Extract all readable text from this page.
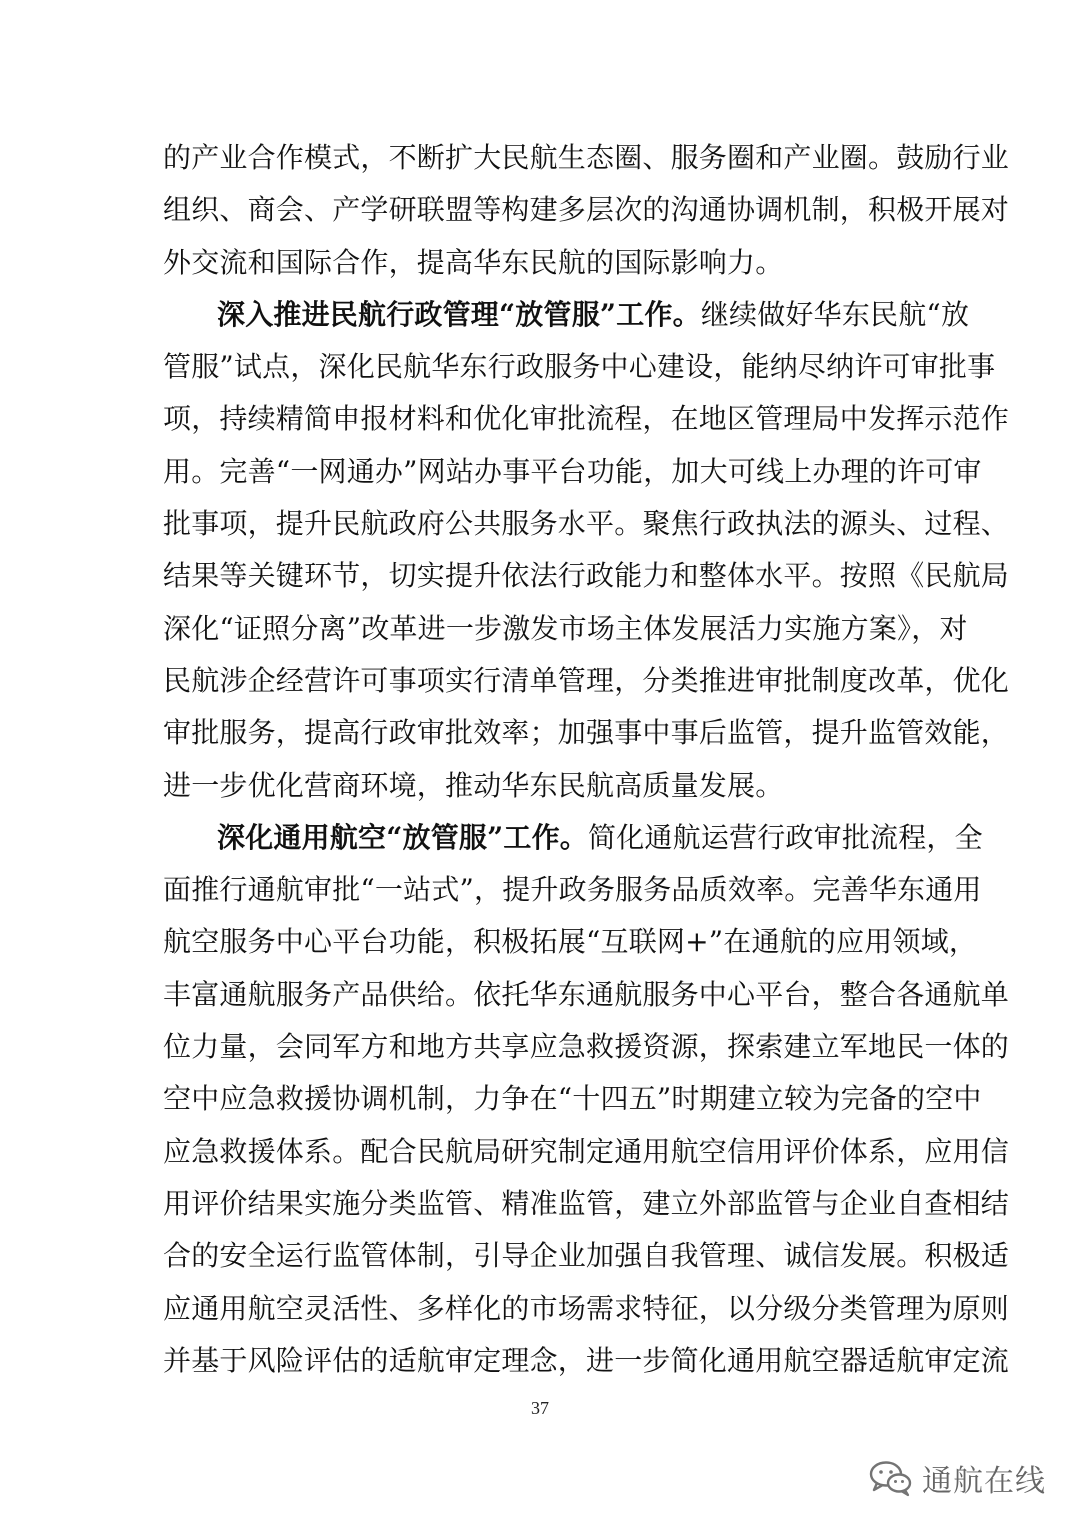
的产业合作模式，不断扩大民航生态圈、服务圈和产业圈。鼓励行业
组织、商会、产学研联盟等构建多层次的沟通协调机制，积极开展对
外交流和国际合作，提高华东民航的国际影响力。
深入推进民航行政管理“放管服”工作。继续做好华东民航“放
管服”试点，深化民航华东行政服务中心建设，能纳尽纳许可审批事
项，持续精简申报材料和优化审批流程，在地区管理局中发挥示范作
用。完善“一网通办”网站办事平台功能，加大可线上办理的许可审
批事项，提升民航政府公共服务水平。聚焦行政执法的源头、过程、
结果等关键环节，切实提升依法行政能力和整体水平。按照《民航局
深化“证照分离”改革进一步激发市场主体发展活力实施方案》，对
民航涉企经营许可事项实行清单管理，分类推进审批制度改革，优化
审批服务，提高行政审批效率；加强事中事后监管，提升监管效能，
进一步优化营商环境，推动华东民航高质量发展。
深化通用航空“放管服”工作。简化通航运营行政审批流程，全
面推行通航审批“一站式”，提升政务服务品质效率。完善华东通用
航空服务中心平台功能，积极拓展“互联网+”在通航的应用领域，
丰富通航服务产品供给。依托华东通航服务中心平台，整合各通航单
位力量，会同军方和地方共享应急救援资源，探索建立军地民一体的
空中应急救援协调机制，力争在“十四五”时期建立较为完备的空中
应急救援体系。配合民航局研究制定通用航空信用评价体系，应用信
用评价结果实施分类监管、精准监管，建立外部监管与企业自查相结
合的安全运行监管体制，引导企业加强自我管理、诚信发展。积极适
应通用航空灵活性、多样化的市场需求特征，以分级分类管理为原则
并基于风险评估的适航审定理念，进一步简化通用航空器适航审定流
37
通航在线
